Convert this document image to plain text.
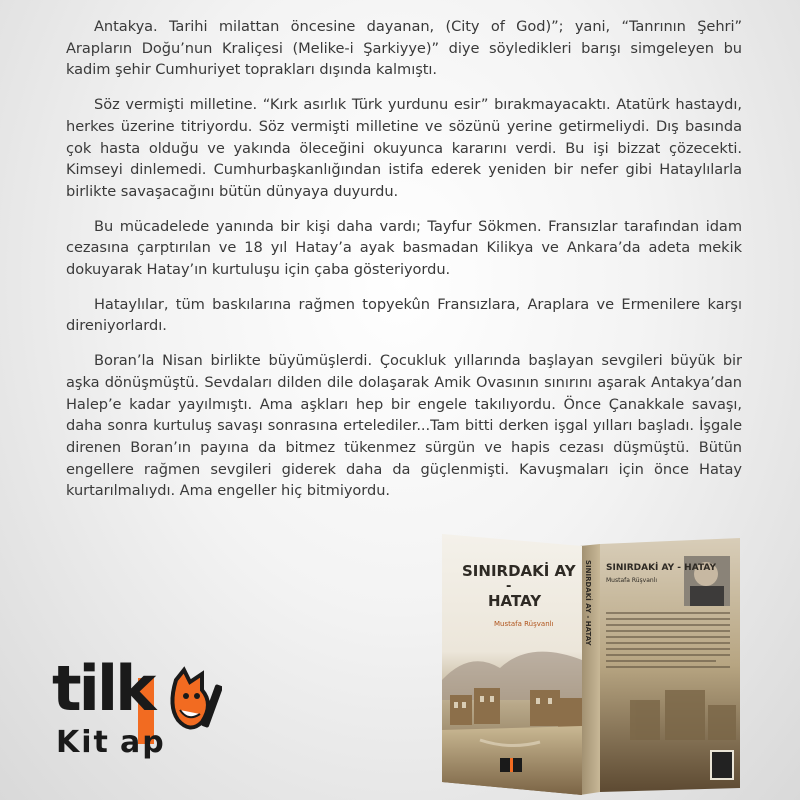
Antakya. Tarihi milattan öncesine dayanan, (City of God)”; yani, “Tanrının Şehri” Arapların Doğu’nun Kraliçesi (Melike-i Şarkiyye)” diye söyledikleri barışı simgeleyen bu kadim şehir Cumhuriyet toprakları dışında kalmıştı.

Söz vermişti milletine. “Kırk asırlık Türk yurdunu esir” bırakmayacaktı. Atatürk hastaydı, herkes üzerine titriyordu. Söz vermişti milletine ve sözünü yerine getirmeliydi. Dış basında çok hasta olduğu ve yakında öleceğini okuyunca kararını verdi. Bu işi bizzat çözecekti. Kimseyi dinlemedi. Cumhurbaşkanlığından istifa ederek yeniden bir nefer gibi Hataylılarla birlikte savaşacağını bütün dünyaya duyurdu.

Bu mücadelede yanında bir kişi daha vardı; Tayfur Sökmen. Fransızlar tarafından idam cezasına çarptırılan ve 18 yıl Hatay’a ayak basmadan Kilikya ve Ankara’da adeta mekik dokuyarak Hatay’ın kurtuluşu için çaba gösteriyordu.

Hataylılar, tüm baskılarına rağmen topyekûn Fransızlara, Araplara ve Ermenilere karşı direniyorlardı.

Boran’la Nisan birlikte büyümüşlerdi. Çocukluk yıllarında başlayan sevgileri büyük bir aşka dönüşmüştü. Sevdaları dilden dile dolaşarak Amik Ovasının sınırını aşarak Antakya’dan Halep’e kadar yayılmıştı. Ama aşkları hep bir engele takılıyordu. Önce Çanakkale savaşı, daha sonra kurtuluş savaşı sonrasına ertelediler...Tam bitti derken işgal yılları başladı. İşgale direnen Boran’ın payına da bitmez tükenmez sürgün ve hapis cezası düşmüştü. Bütün engellere rağmen sevgileri giderek daha da güçlenmişti. Kavuşmaları için önce Hatay kurtarılmalıydı. Ama engeller hiç bitmiyordu.

tilk
Kit ap
SINIRDAKİ AY - HATAY
Mustafa Rüşvanlı
SINIRDAKİ AY - HATAY
SINIRDAKİ AY
-
HATAY
Mustafa Rüşvanlı
